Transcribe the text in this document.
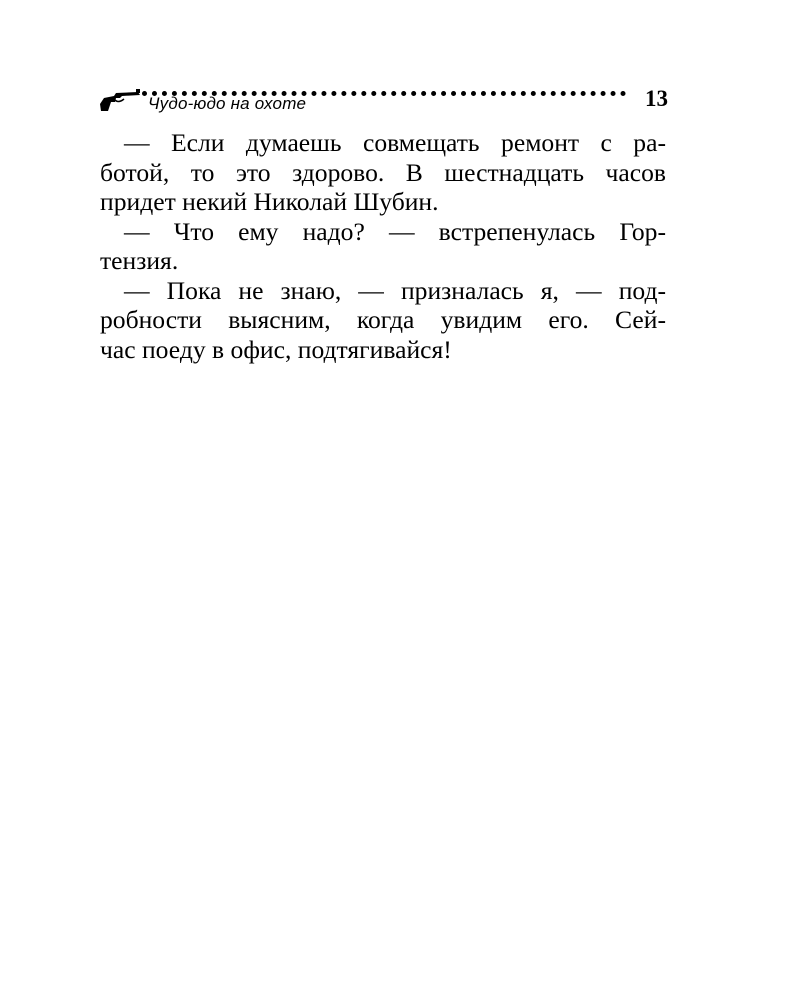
Чудо-юдо на охоте	13
— Если думаешь совмещать ремонт с ра-
ботой, то это здорово. В шестнадцать часов
придет некий Николай Шубин.
— Что ему надо? — встрепенулась Гор-
тензия.
— Пока не знаю, — призналась я, — под-
робности выясним, когда увидим его. Сей-
час поеду в офис, подтягивайся!
